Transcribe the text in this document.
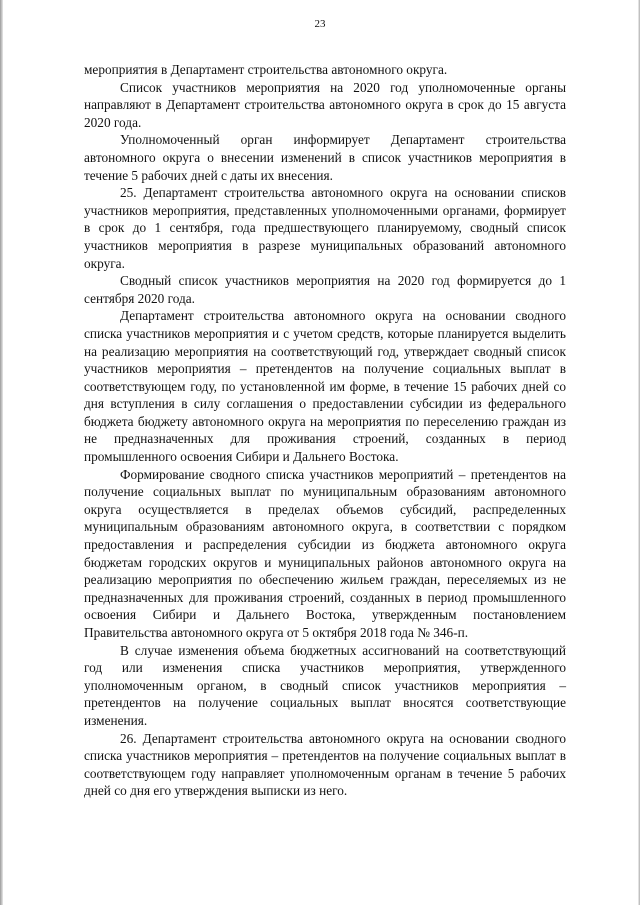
23

мероприятия в Департамент строительства автономного округа.

Список участников мероприятия на 2020 год уполномоченные органы направляют в Департамент строительства автономного округа в срок до 15 августа 2020 года.

Уполномоченный орган информирует Департамент строительства автономного округа о внесении изменений в список участников мероприятия в течение 5 рабочих дней с даты их внесения.

25. Департамент строительства автономного округа на основании списков участников мероприятия, представленных уполномоченными органами, формирует в срок до 1 сентября, года предшествующего планируемому, сводный список участников мероприятия в разрезе муниципальных образований автономного округа.

Сводный список участников мероприятия на 2020 год формируется до 1 сентября 2020 года.

Департамент строительства автономного округа на основании сводного списка участников мероприятия и с учетом средств, которые планируется выделить на реализацию мероприятия на соответствующий год, утверждает сводный список участников мероприятия – претендентов на получение социальных выплат в соответствующем году, по установленной им форме, в течение 15 рабочих дней со дня вступления в силу соглашения о предоставлении субсидии из федерального бюджета бюджету автономного округа на мероприятия по переселению граждан из не предназначенных для проживания строений, созданных в период промышленного освоения Сибири и Дальнего Востока.

Формирование сводного списка участников мероприятий – претендентов на получение социальных выплат по муниципальным образованиям автономного округа осуществляется в пределах объемов субсидий, распределенных муниципальным образованиям автономного округа, в соответствии с порядком предоставления и распределения субсидии из бюджета автономного округа бюджетам городских округов и муниципальных районов автономного округа на реализацию мероприятия по обеспечению жильем граждан, переселяемых из не предназначенных для проживания строений, созданных в период промышленного освоения Сибири и Дальнего Востока, утвержденным постановлением Правительства автономного округа от 5 октября 2018 года № 346-п.

В случае изменения объема бюджетных ассигнований на соответствующий год или изменения списка участников мероприятия, утвержденного уполномоченным органом, в сводный список участников мероприятия – претендентов на получение социальных выплат вносятся соответствующие изменения.

26. Департамент строительства автономного округа на основании сводного списка участников мероприятия – претендентов на получение социальных выплат в соответствующем году направляет уполномоченным органам в течение 5 рабочих дней со дня его утверждения выписки из него.
